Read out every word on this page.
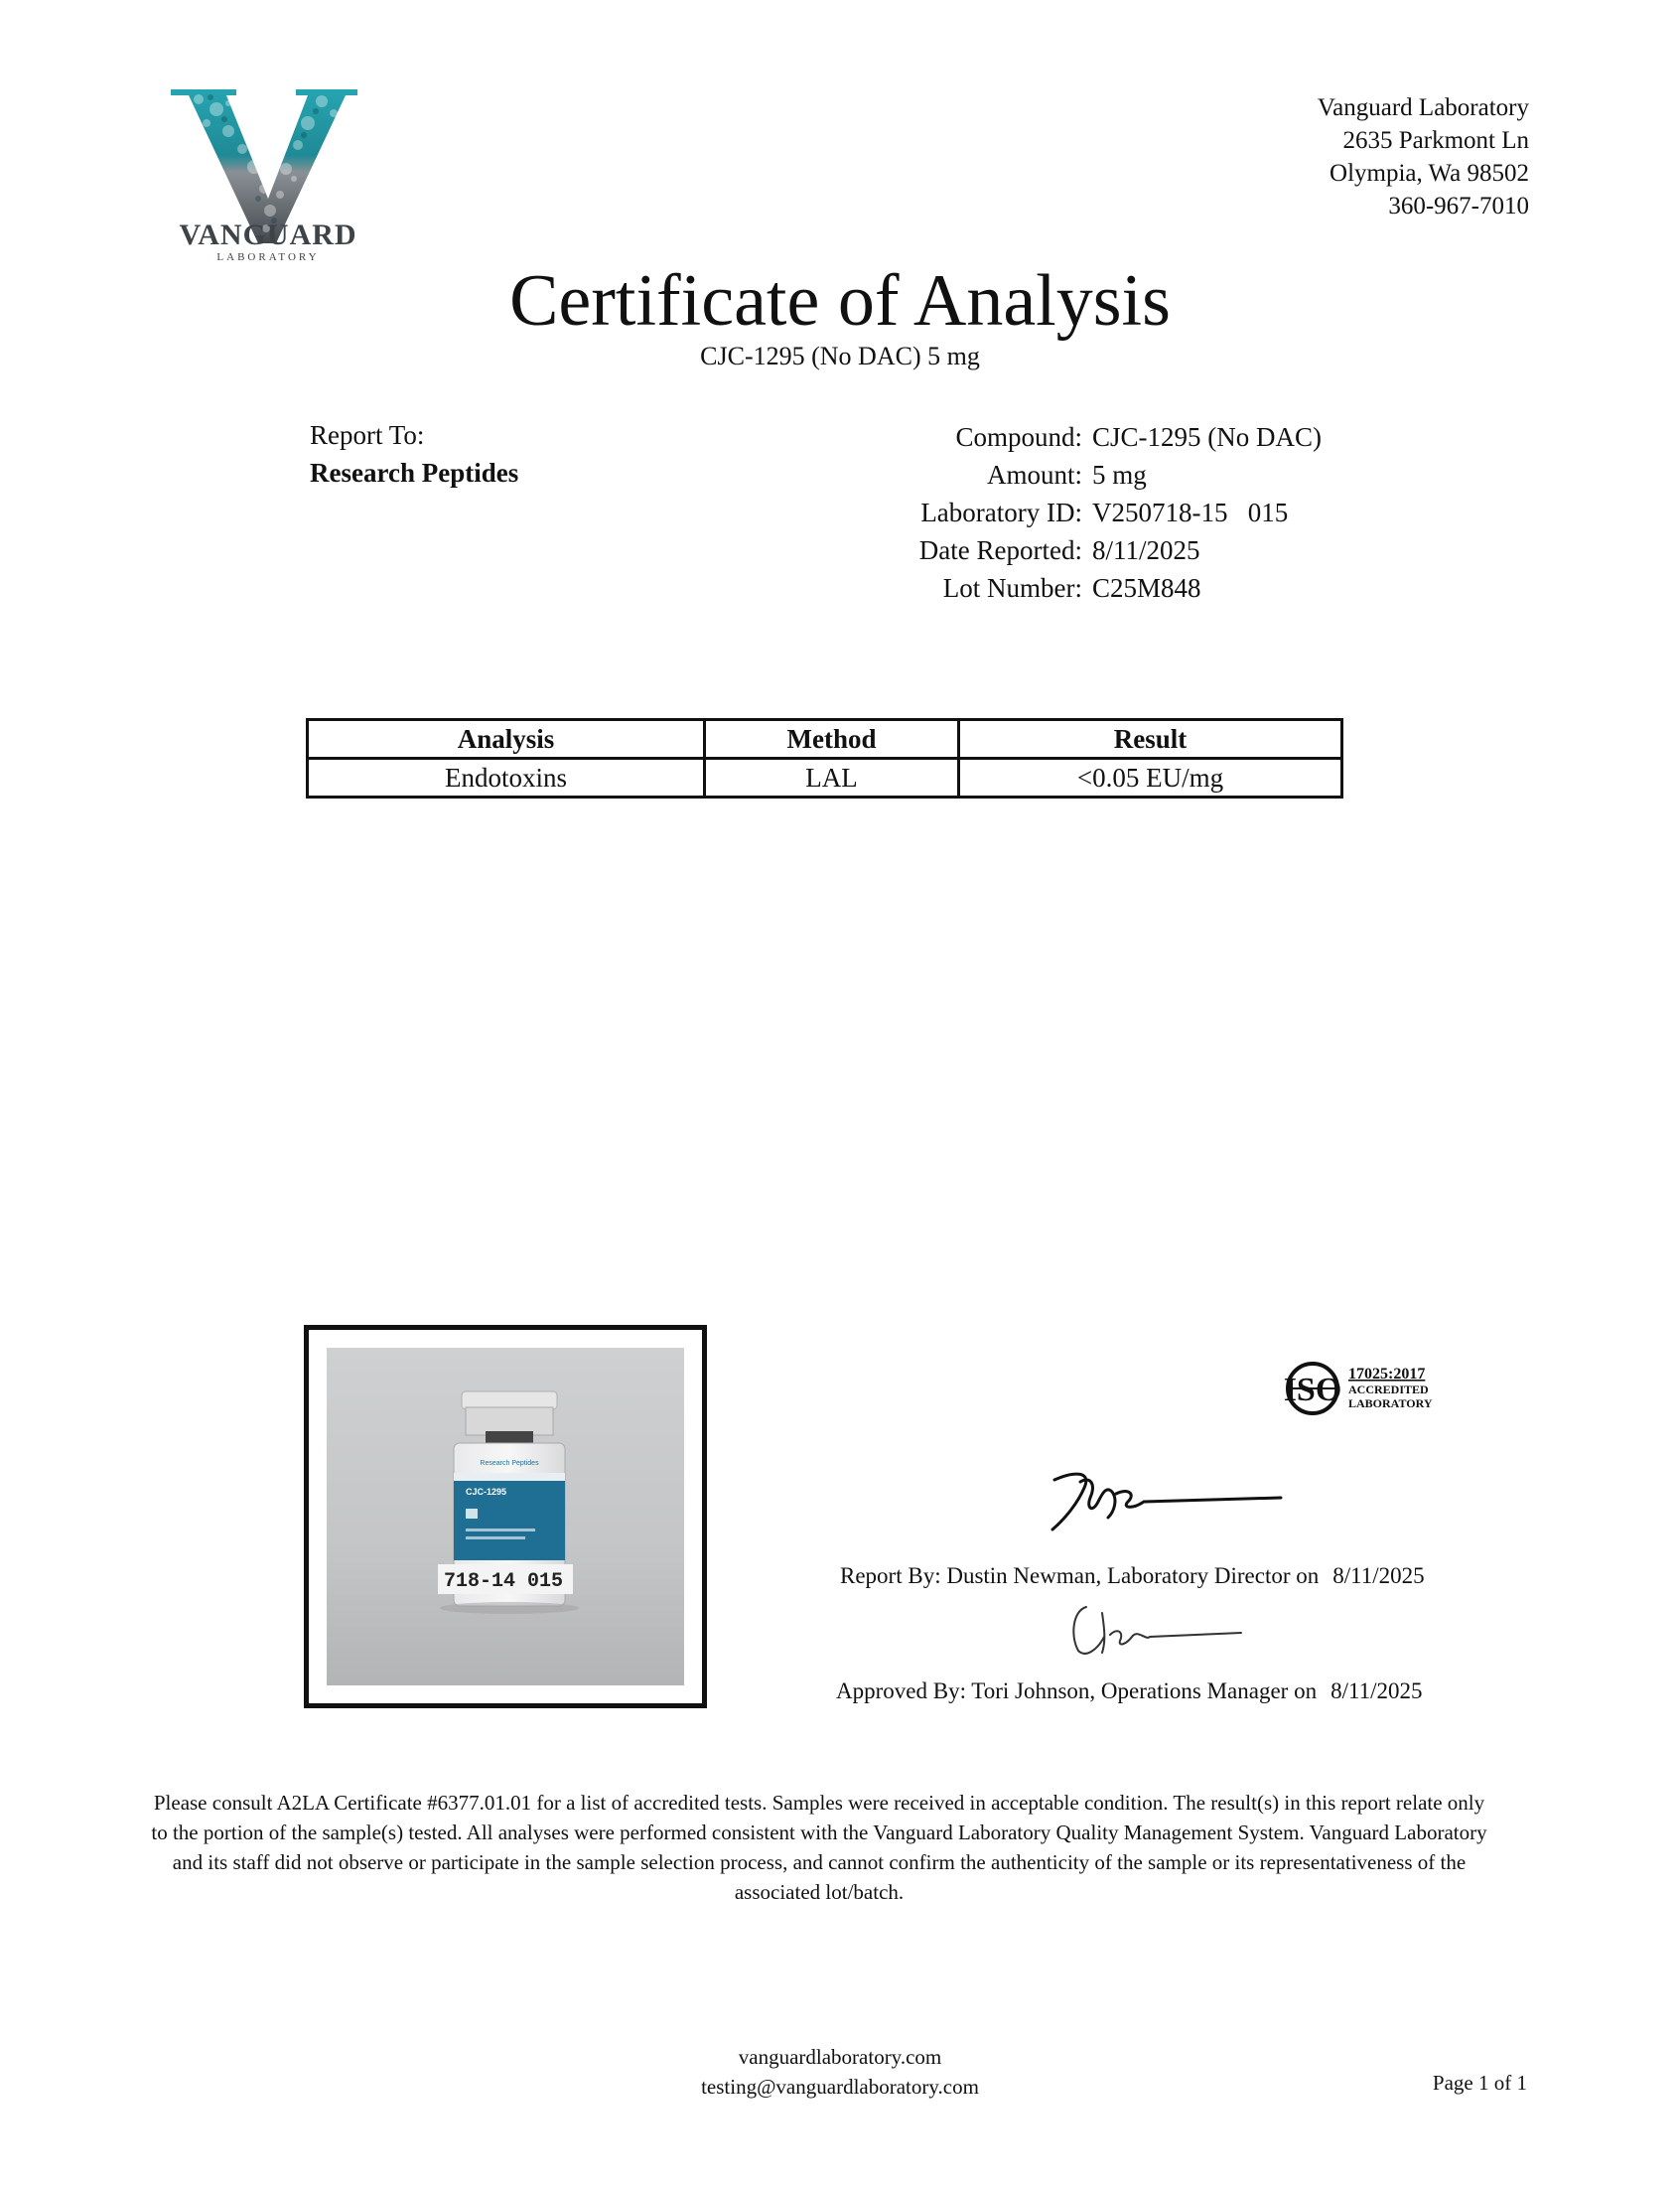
VANGUARD
LABORATORY
Vanguard Laboratory
2635 Parkmont Ln
Olympia, Wa 98502
360-967-7010
Certificate of Analysis
CJC-1295 (No DAC) 5 mg
Report To:
Research Peptides
Compound: CJC-1295 (No DAC)
Amount: 5 mg
Laboratory ID: V250718-15   015
Date Reported: 8/11/2025
Lot Number: C25M848
Analysis	Method	Result
Endotoxins	LAL	<0.05 EU/mg
Research Peptides
CJC-1295
718-14 015
ISO 17025:2017
ACCREDITED
LABORATORY
Report By: Dustin Newman, Laboratory Director on 8/11/2025
Approved By: Tori Johnson, Operations Manager on 8/11/2025
Please consult A2LA Certificate #6377.01.01 for a list of accredited tests. Samples were received in acceptable condition. The result(s) in this report relate only to the portion of the sample(s) tested. All analyses were performed consistent with the Vanguard Laboratory Quality Management System. Vanguard Laboratory and its staff did not observe or participate in the sample selection process, and cannot confirm the authenticity of the sample or its representativeness of the associated lot/batch.
vanguardlaboratory.com
testing@vanguardlaboratory.com	Page 1 of 1
